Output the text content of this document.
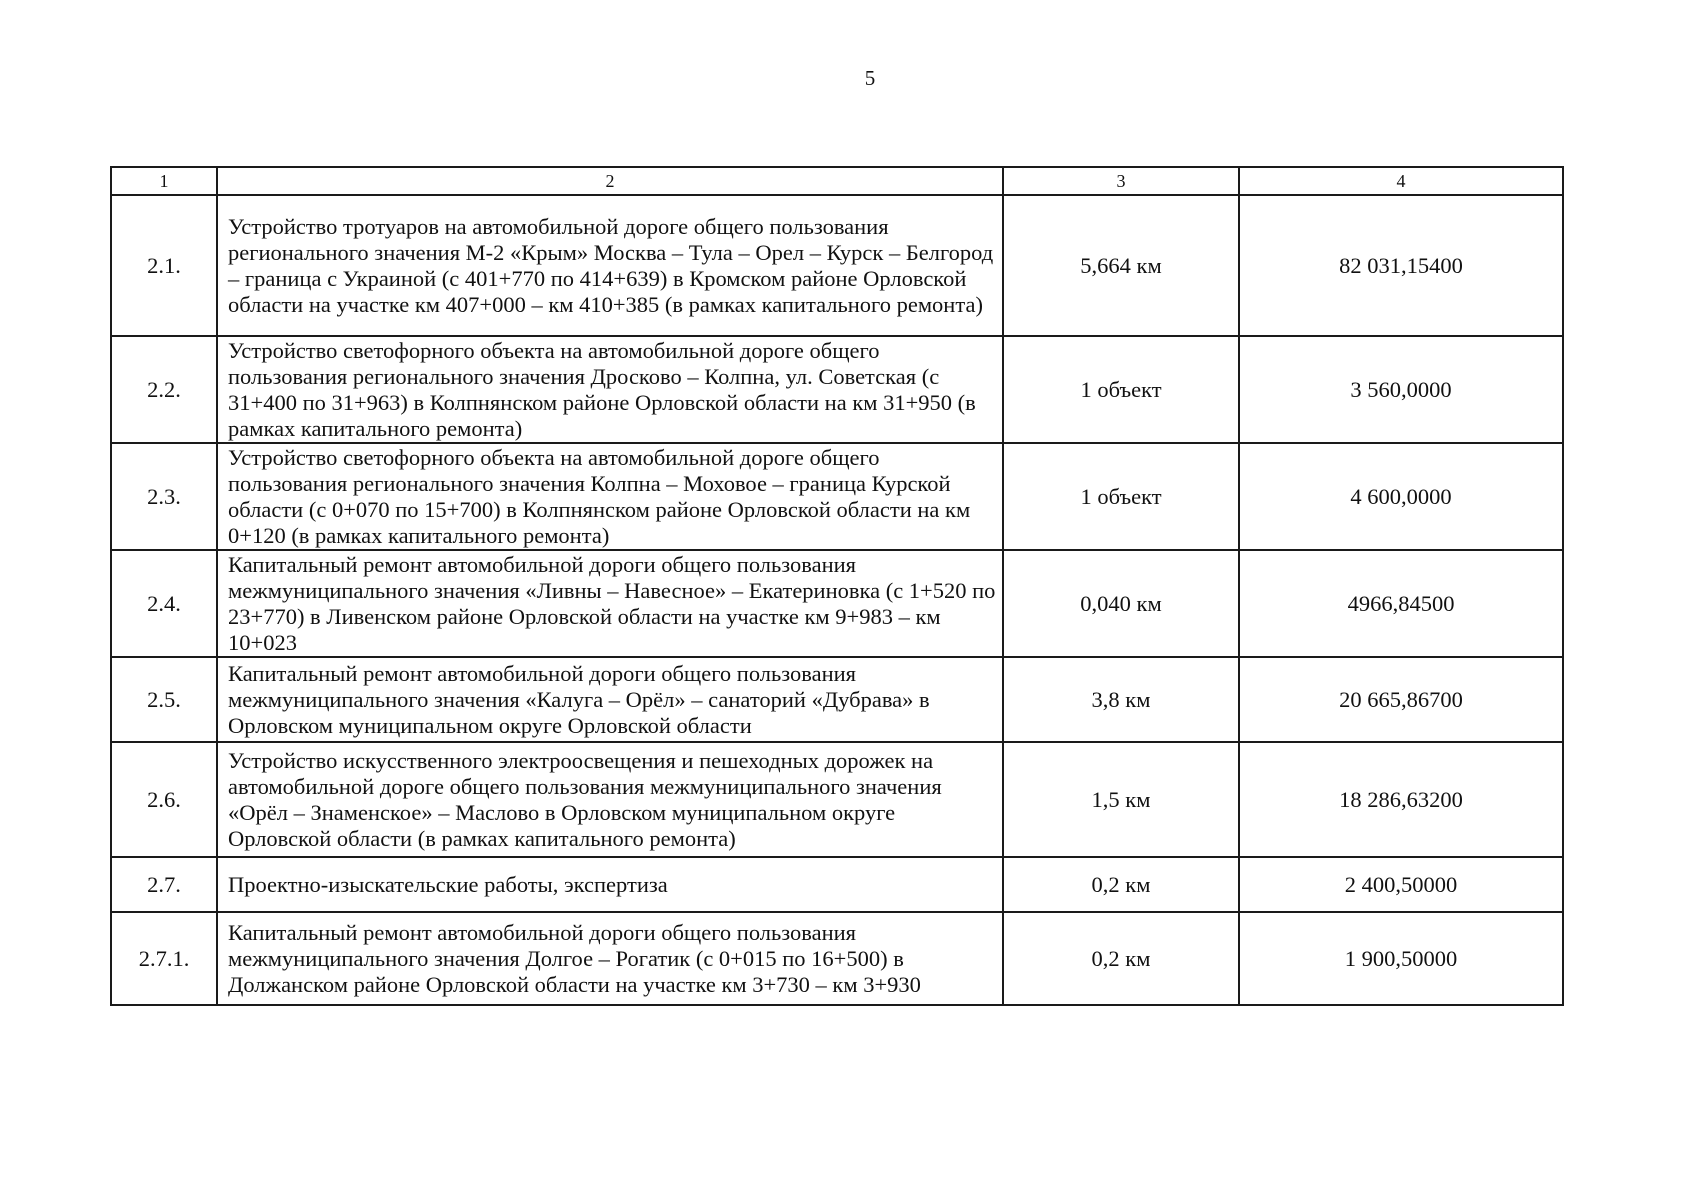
5
1	2	3	4
2.1.	Устройство тротуаров на автомобильной дороге общего пользования регионального значения М-2 «Крым» Москва – Тула – Орел – Курск – Белгород – граница с Украиной (с 401+770 по 414+639) в Кромском районе Орловской области на участке км 407+000 – км 410+385 (в рамках капитального ремонта)	5,664 км	82 031,15400
2.2.	Устройство светофорного объекта на автомобильной дороге общего пользования регионального значения Дросково – Колпна, ул. Советская (с 31+400 по 31+963) в Колпнянском районе Орловской области на км 31+950 (в рамках капитального ремонта)	1 объект	3 560,0000
2.3.	Устройство светофорного объекта на автомобильной дороге общего пользования регионального значения Колпна – Моховое – граница Курской области (с 0+070 по 15+700) в Колпнянском районе Орловской области на км 0+120 (в рамках капитального ремонта)	1 объект	4 600,0000
2.4.	Капитальный ремонт автомобильной дороги общего пользования межмуниципального значения «Ливны – Навесное» – Екатериновка (с 1+520 по 23+770) в Ливенском районе Орловской области на участке км 9+983 – км 10+023	0,040 км	4966,84500
2.5.	Капитальный ремонт автомобильной дороги общего пользования межмуниципального значения «Калуга – Орёл» – санаторий «Дубрава» в Орловском муниципальном округе Орловской области	3,8 км	20 665,86700
2.6.	Устройство искусственного электроосвещения и пешеходных дорожек на автомобильной дороге общего пользования межмуниципального значения «Орёл – Знаменское» – Маслово в Орловском муниципальном округе Орловской области (в рамках капитального ремонта)	1,5 км	18 286,63200
2.7.	Проектно-изыскательские работы, экспертиза	0,2 км	2 400,50000
2.7.1.	Капитальный ремонт автомобильной дороги общего пользования межмуниципального значения Долгое – Рогатик (с 0+015 по 16+500) в Должанском районе Орловской области на участке км 3+730 – км 3+930	0,2 км	1 900,50000
